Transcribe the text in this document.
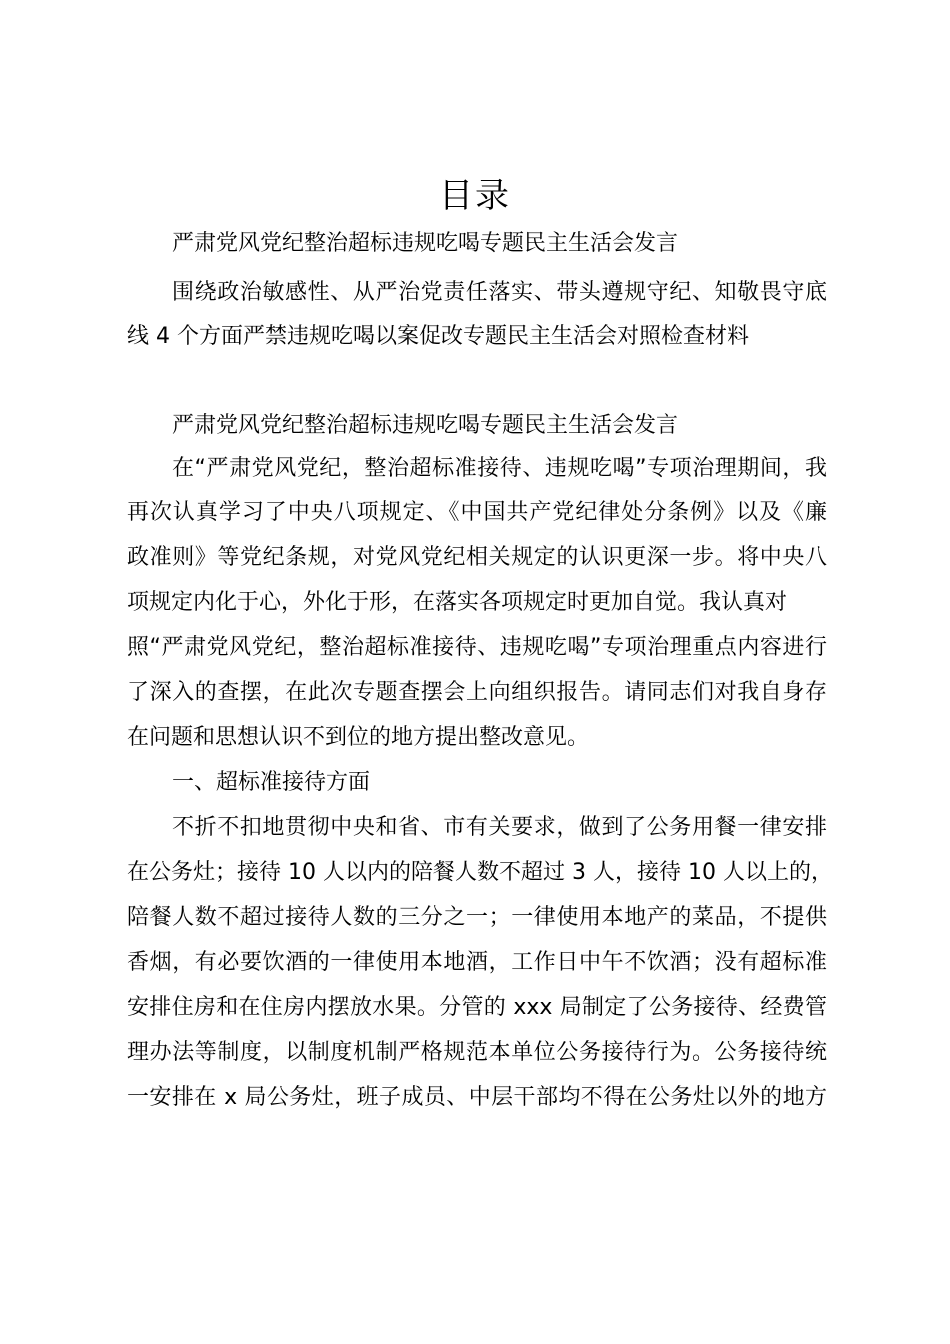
目录
严肃党风党纪整治超标违规吃喝专题民主生活会发言
围绕政治敏感性、从严治党责任落实、带头遵规守纪、知敬畏守底
线 4 个方面严禁违规吃喝以案促改专题民主生活会对照检查材料
严肃党风党纪整治超标违规吃喝专题民主生活会发言
在“严肃党风党纪，整治超标准接待、违规吃喝”专项治理期间，我
再次认真学习了中央八项规定、《中国共产党纪律处分条例》以及《廉
政准则》等党纪条规，对党风党纪相关规定的认识更深一步。将中央八
项规定内化于心，外化于形，在落实各项规定时更加自觉。我认真对
照“严肃党风党纪，整治超标准接待、违规吃喝”专项治理重点内容进行
了深入的查摆，在此次专题查摆会上向组织报告。请同志们对我自身存
在问题和思想认识不到位的地方提出整改意见。
一、超标准接待方面
不折不扣地贯彻中央和省、市有关要求，做到了公务用餐一律安排
在公务灶；接待 10 人以内的陪餐人数不超过 3 人，接待 10 人以上的，
陪餐人数不超过接待人数的三分之一；一律使用本地产的菜品，不提供
香烟，有必要饮酒的一律使用本地酒，工作日中午不饮酒；没有超标准
安排住房和在住房内摆放水果。分管的 xxx 局制定了公务接待、经费管
理办法等制度，以制度机制严格规范本单位公务接待行为。公务接待统
一安排在 x 局公务灶，班子成员、中层干部均不得在公务灶以外的地方
